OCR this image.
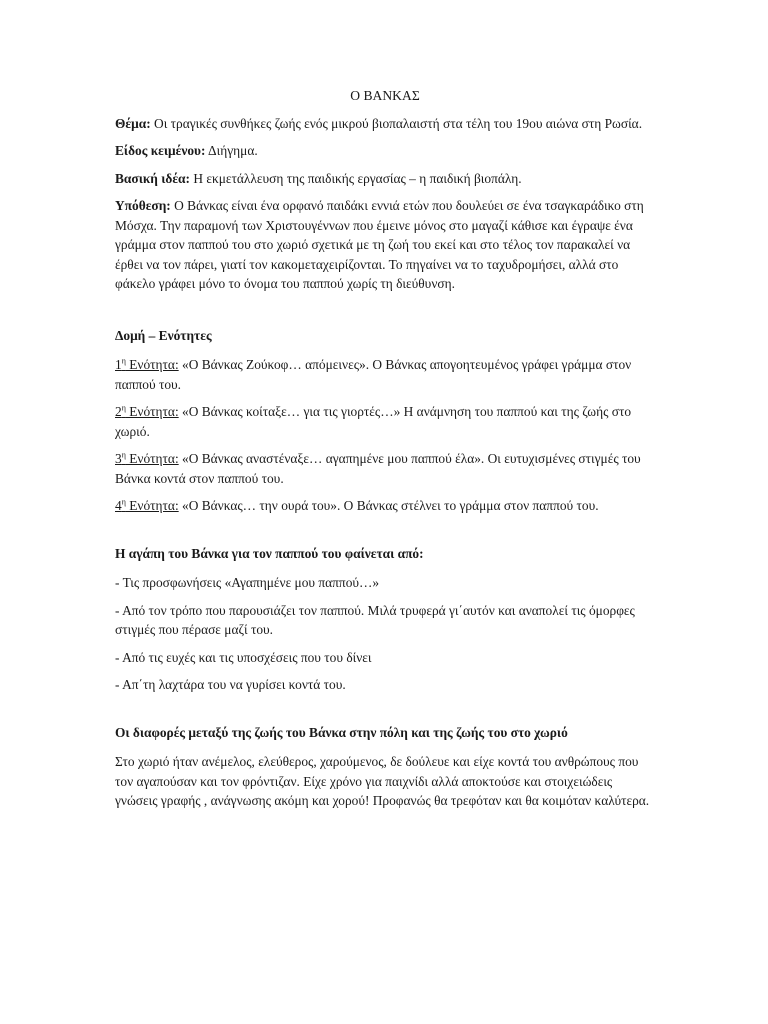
Ο ΒΑΝΚΑΣ

Θέμα: Οι τραγικές συνθήκες ζωής ενός μικρού βιοπαλαιστή στα τέλη του 19ου αιώνα στη Ρωσία.

Είδος κειμένου: Διήγημα.

Βασική ιδέα: Η εκμετάλλευση της παιδικής εργασίας – η παιδική βιοπάλη.

Υπόθεση: Ο Βάνκας είναι ένα ορφανό παιδάκι εννιά ετών που δουλεύει σε ένα τσαγκαράδικο στη Μόσχα. Την παραμονή των Χριστουγέννων που έμεινε μόνος στο μαγαζί κάθισε και έγραψε ένα γράμμα στον παππού του στο χωριό σχετικά με τη ζωή του εκεί και στο τέλος τον παρακαλεί να έρθει να τον πάρει, γιατί τον κακομεταχειρίζονται. Το πηγαίνει να το ταχυδρομήσει, αλλά στο φάκελο γράφει μόνο το όνομα του παππού χωρίς τη διεύθυνση.

Δομή – Ενότητες

$1^\eta$ Ενότητα: «Ο Βάνκας Ζούκοφ… απόμεινες». Ο Βάνκας απογοητευμένος γράφει γράμμα στον παππού του.

$2^\eta$ Ενότητα: «Ο Βάνκας κοίταξε… για τις γιορτές…» Η ανάμνηση του παππού και της ζωής στο χωριό.

$3^\eta$ Ενότητα: «Ο Βάνκας αναστέναξε… αγαπημένε μου παππού έλα». Οι ευτυχισμένες στιγμές του Βάνκα κοντά στον παππού του.

$4^\eta$ Ενότητα: «Ο Βάνκας… την ουρά του». Ο Βάνκας στέλνει το γράμμα στον παππού του.

Η αγάπη του Βάνκα για τον παππού του φαίνεται από:

- Τις προσφωνήσεις «Αγαπημένε μου παππού…»

- Από τον τρόπο που παρουσιάζει τον παππού. Μιλά τρυφερά γι΄αυτόν και αναπολεί τις όμορφες στιγμές που πέρασε μαζί του.

- Από τις ευχές και τις υποσχέσεις που του δίνει

- Απ΄τη λαχτάρα του να γυρίσει κοντά του.

Οι διαφορές μεταξύ της ζωής του Βάνκα στην πόλη και της ζωής του στο χωριό

Στο χωριό ήταν ανέμελος, ελεύθερος, χαρούμενος, δε δούλευε και είχε κοντά του ανθρώπους που τον αγαπούσαν και τον φρόντιζαν. Είχε χρόνο για παιχνίδι αλλά αποκτούσε και στοιχειώδεις γνώσεις γραφής , ανάγνωσης ακόμη και χορού! Προφανώς θα τρεφόταν και θα κοιμόταν καλύτερα.
